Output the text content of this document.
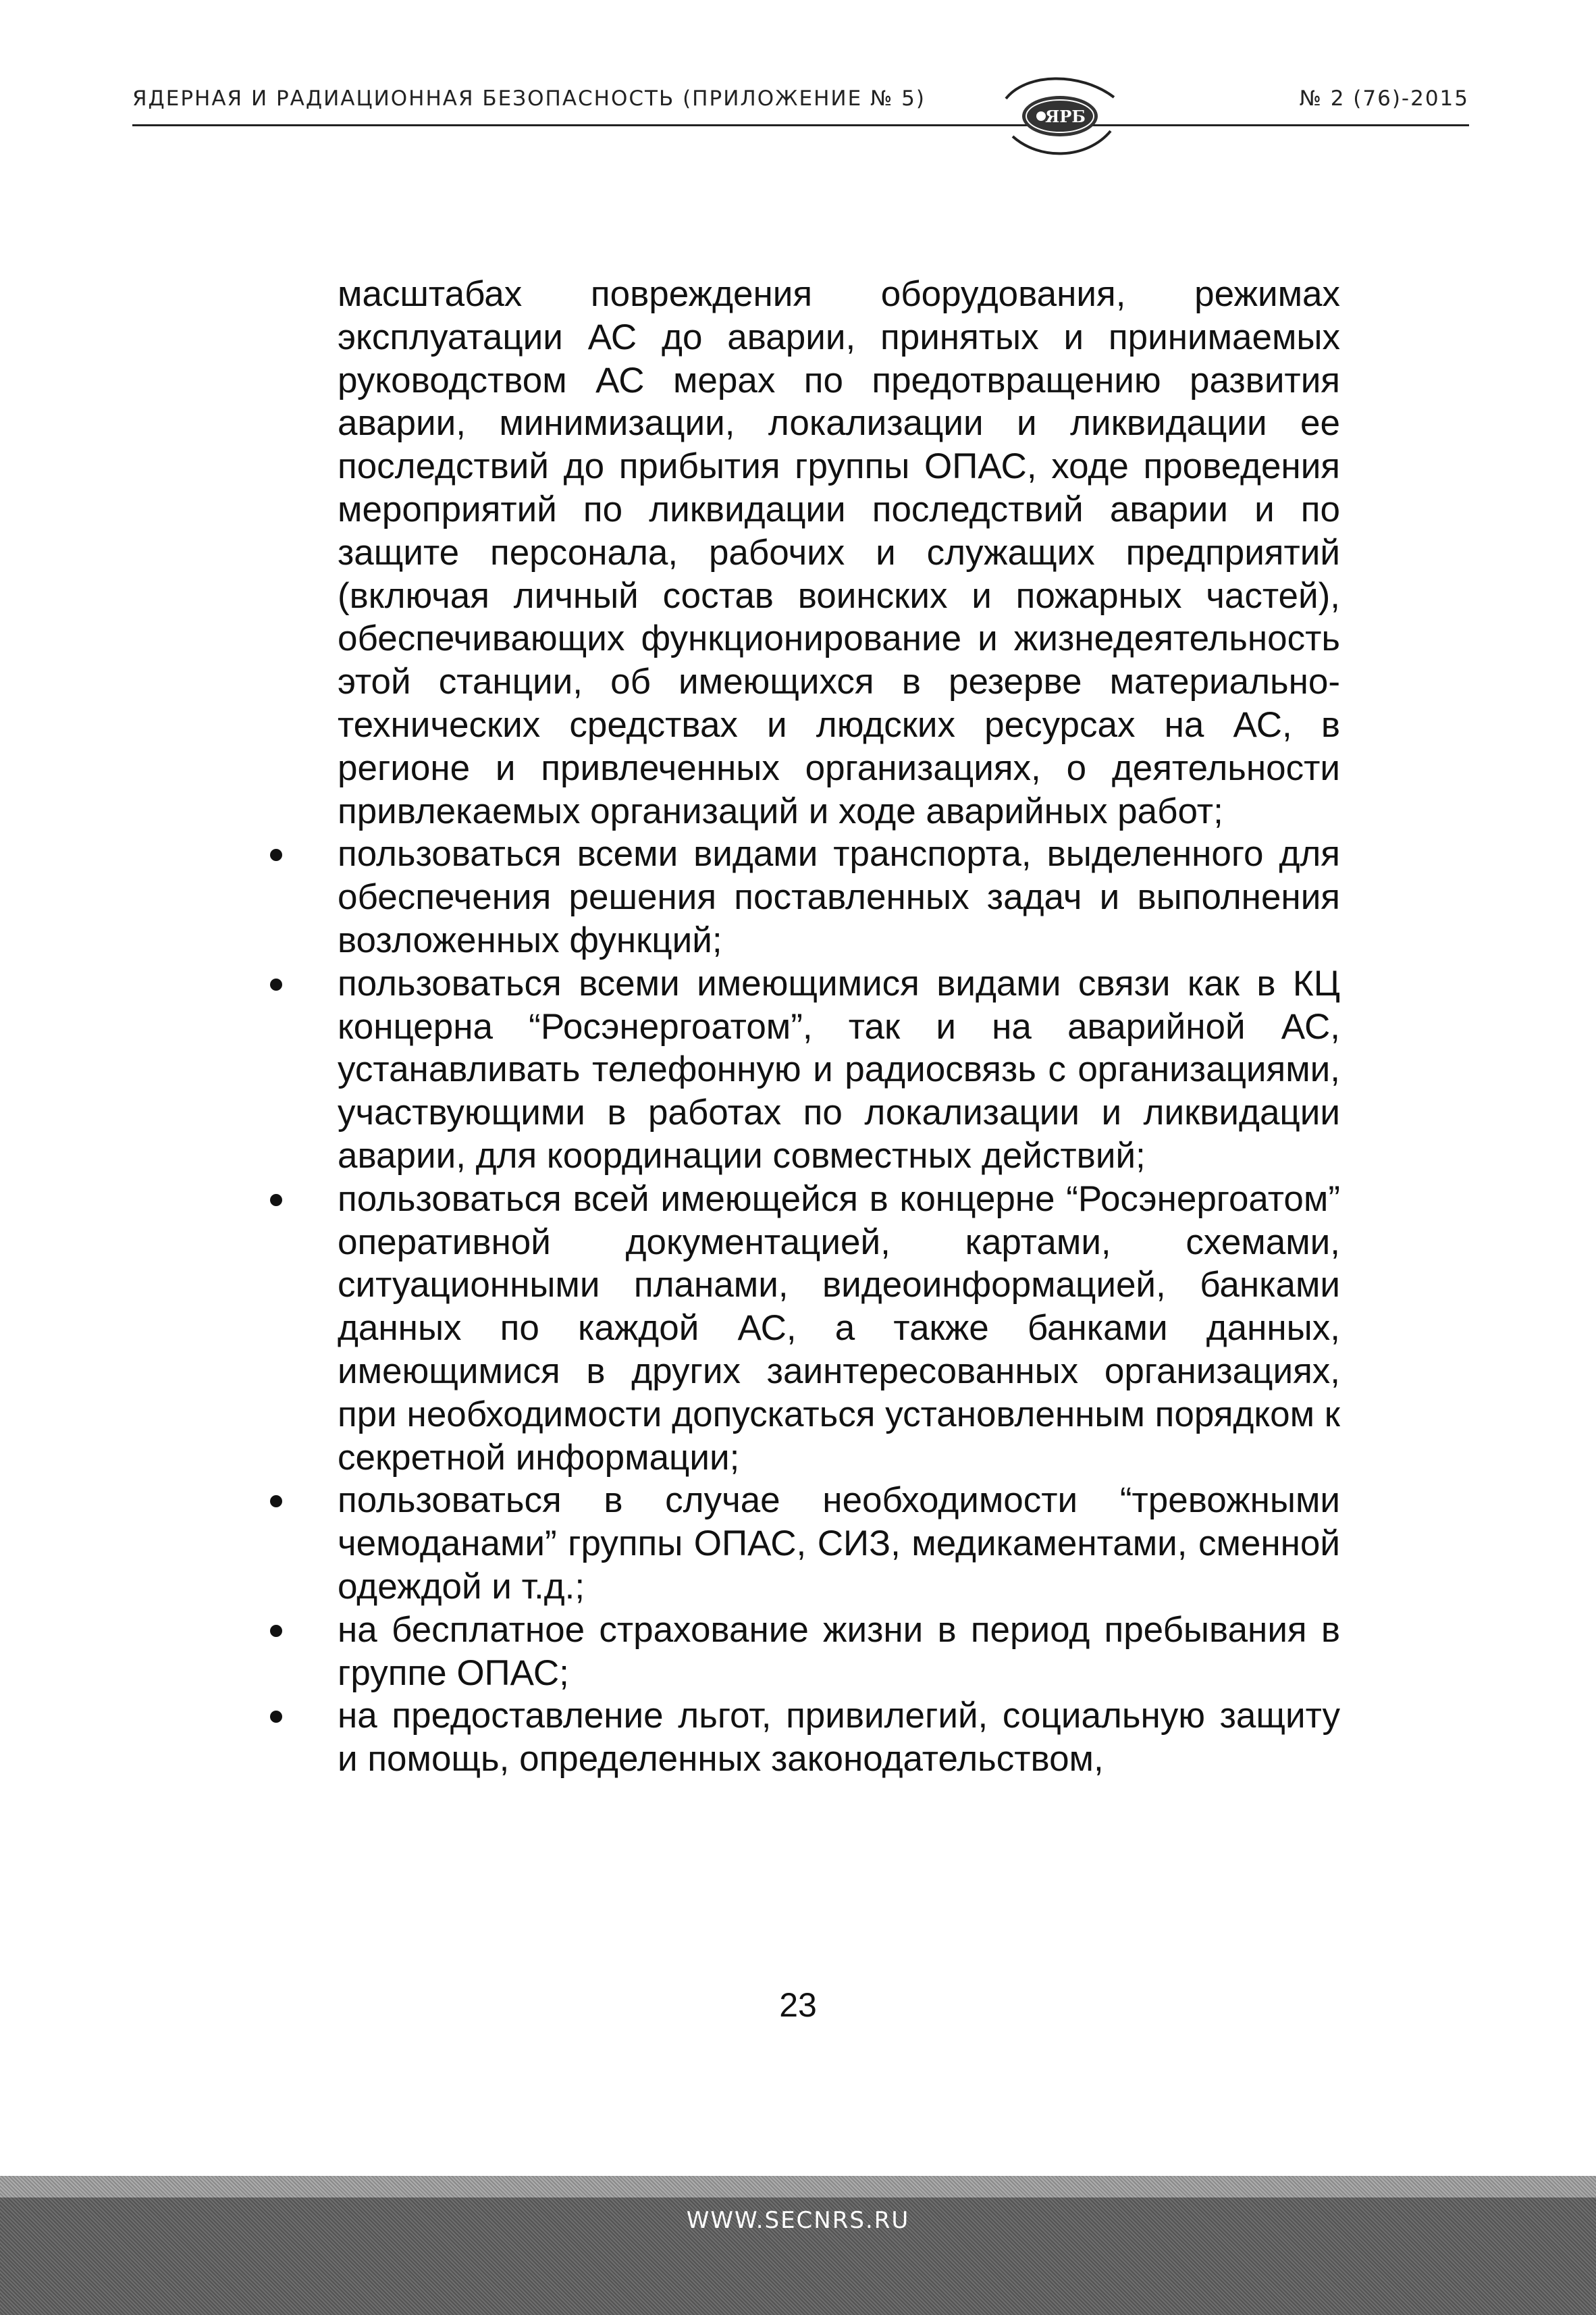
ЯДЕРНАЯ И РАДИАЦИОННАЯ БЕЗОПАСНОСТЬ (ПРИЛОЖЕНИЕ № 5)	№ 2 (76)-2015
ЯРБ

масштабах повреждения оборудования, режимах эксплуатации АС до аварии, принятых и принимаемых руководством АС мерах по предотвращению развития аварии, минимизации, локализации и ликвидации ее последствий до прибытия группы ОПАС, ходе проведения мероприятий по ликвидации последствий аварии и по защите персонала, рабочих и служащих предприятий (включая личный состав воинских и пожарных частей), обеспечивающих функционирование и жизнедеятельность этой станции, об имеющихся в резерве материально-технических средствах и людских ресурсах на АС, в регионе и привлеченных организациях, о деятельности привлекаемых организаций и ходе аварийных работ;

пользоваться всеми видами транспорта, выделенного для обеспечения решения поставленных задач и выполнения возложенных функций;
пользоваться всеми имеющимися видами связи как в КЦ концерна “Росэнергоатом”, так и на аварийной АС, устанавливать телефонную и радиосвязь с организациями, участвующими в работах по локализации и ликвидации аварии, для координации совместных действий;
пользоваться всей имеющейся в концерне “Росэнергоатом” оперативной документацией, картами, схемами, ситуационными планами, видеоинформацией, банками данных по каждой АС, а также банками данных, имеющимися в других заинтересованных организациях, при необходимости допускаться установленным порядком к секретной информации;
пользоваться в случае необходимости “тревожными чемоданами” группы ОПАС, СИЗ, медикаментами, сменной одеждой и т.д.;
на бесплатное страхование жизни в период пребывания в группе ОПАС;
на предоставление льгот, привилегий, социальную защиту и помощь, определенных законодательством,
23
WWW.SECNRS.RU
